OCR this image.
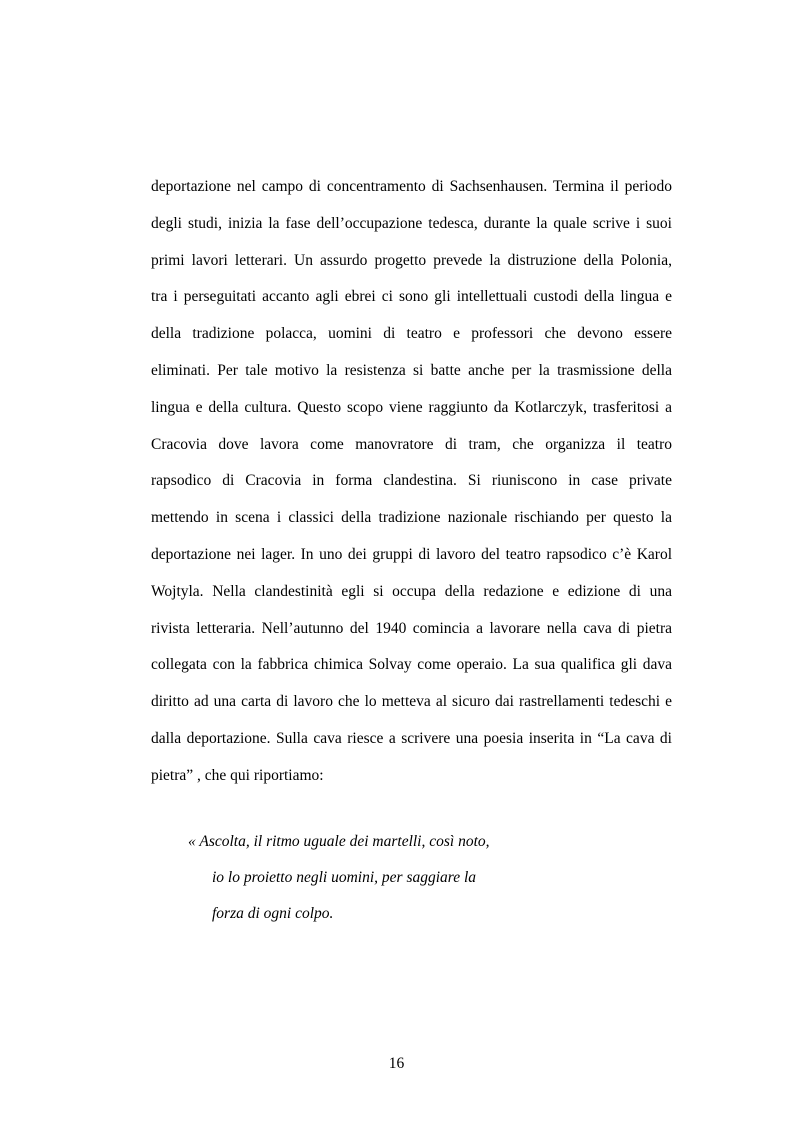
deportazione nel campo di concentramento di Sachsenhausen. Termina il periodo
degli studi, inizia la fase dell’occupazione tedesca, durante la quale scrive i suoi
primi lavori letterari. Un assurdo progetto prevede la distruzione della Polonia,
tra i perseguitati accanto agli ebrei ci sono gli intellettuali custodi della lingua e
della tradizione polacca, uomini di teatro e professori che devono essere
eliminati. Per tale motivo la resistenza si batte anche per la trasmissione della
lingua e della cultura. Questo scopo viene raggiunto da Kotlarczyk, trasferitosi a
Cracovia dove lavora come manovratore di tram, che organizza il teatro
rapsodico di Cracovia in forma clandestina. Si riuniscono in case private
mettendo in scena i classici della tradizione nazionale rischiando per questo la
deportazione nei lager. In uno dei gruppi di lavoro del teatro rapsodico c’è Karol
Wojtyla. Nella clandestinità egli si occupa della redazione e edizione di una
rivista letteraria. Nell’autunno del 1940 comincia a lavorare nella cava di pietra
collegata con la fabbrica chimica Solvay come operaio. La sua qualifica gli dava
diritto ad una carta di lavoro che lo metteva al sicuro dai rastrellamenti tedeschi e
dalla deportazione. Sulla cava riesce a scrivere una poesia inserita in “La cava di
pietra” , che qui riportiamo:
« Ascolta, il ritmo uguale dei martelli, così noto,
io lo proietto negli uomini, per saggiare la
forza di ogni colpo.
16
